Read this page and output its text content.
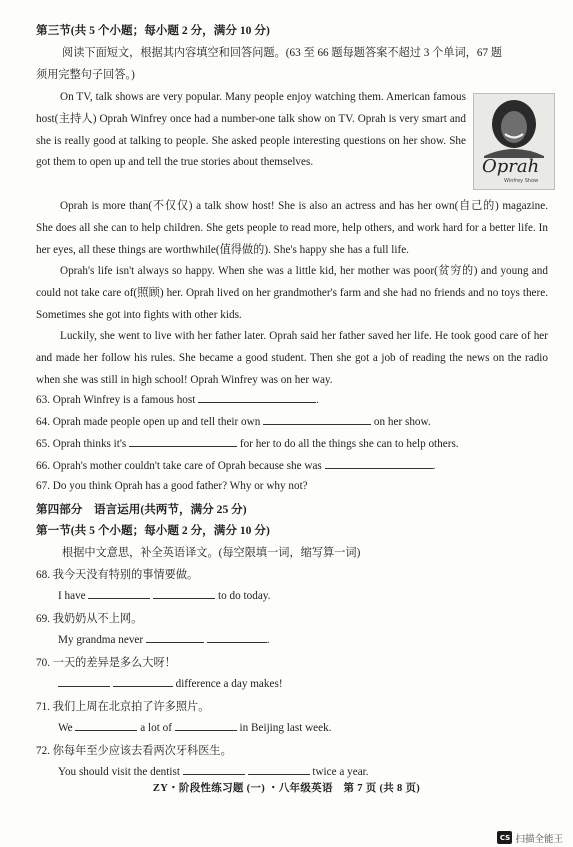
第三节(共 5 个小题；每小题 2 分，满分 10 分)
阅读下面短文，根据其内容填空和回答问题。(63 至 66 题每题答案不超过 3 个单词，67 题
须用完整句子回答。)

On TV, talk shows are very popular. Many people enjoy watching them. American famous host(主持人) Oprah Winfrey once had a number-one talk show on TV. Oprah is very smart and she is really good at talking to people. She asked people interesting questions on her show. She got them to open up and tell the true stories about themselves.	Oprah
Winfrey Show

Oprah is more than(不仅仅) a talk show host! She is also an actress and has her own(自己的) magazine. She does all she can to help children. She gets people to read more, help others, and work hard for a better life. In her eyes, all these things are worthwhile(值得做的). She's happy she has a full life.

Oprah's life isn't always so happy. When she was a little kid, her mother was poor(贫穷的) and young and could not take care of(照顾) her. Oprah lived on her grandmother's farm and she had no friends and no toys there. Sometimes she got into fights with other kids.

Luckily, she went to live with her father later. Oprah said her father saved her life. He took good care of her and made her follow his rules. She became a good student. Then she got a job of reading the news on the radio when she was still in high school! Oprah Winfrey was on her way.

63. Oprah Winfrey is a famous host	.
64. Oprah made people open up and tell their own	on her show.
65. Oprah thinks it's	for her to do all the things she can to help others.
66. Oprah's mother couldn't take care of Oprah because she was	.
67. Do you think Oprah has a good father? Why or why not?
第四部分　语言运用(共两节，满分 25 分)
第一节(共 5 个小题；每小题 2 分，满分 10 分)
根据中文意思，补全英语译文。(每空限填一词，缩写算一词)
68. 我今天没有特别的事情要做。
I have	to do today.
69. 我奶奶从不上网。
My grandma never	.
70. 一天的差异是多么大呀！
difference a day makes!
71. 我们上周在北京拍了许多照片。
We	a lot of	in Beijing last week.
72. 你每年至少应该去看两次牙科医生。
You should visit the dentist	twice a year.
ZY・阶段性练习题 (一) ・八年级英语　第 7 页 (共 8 页)
CS 扫描全能王
